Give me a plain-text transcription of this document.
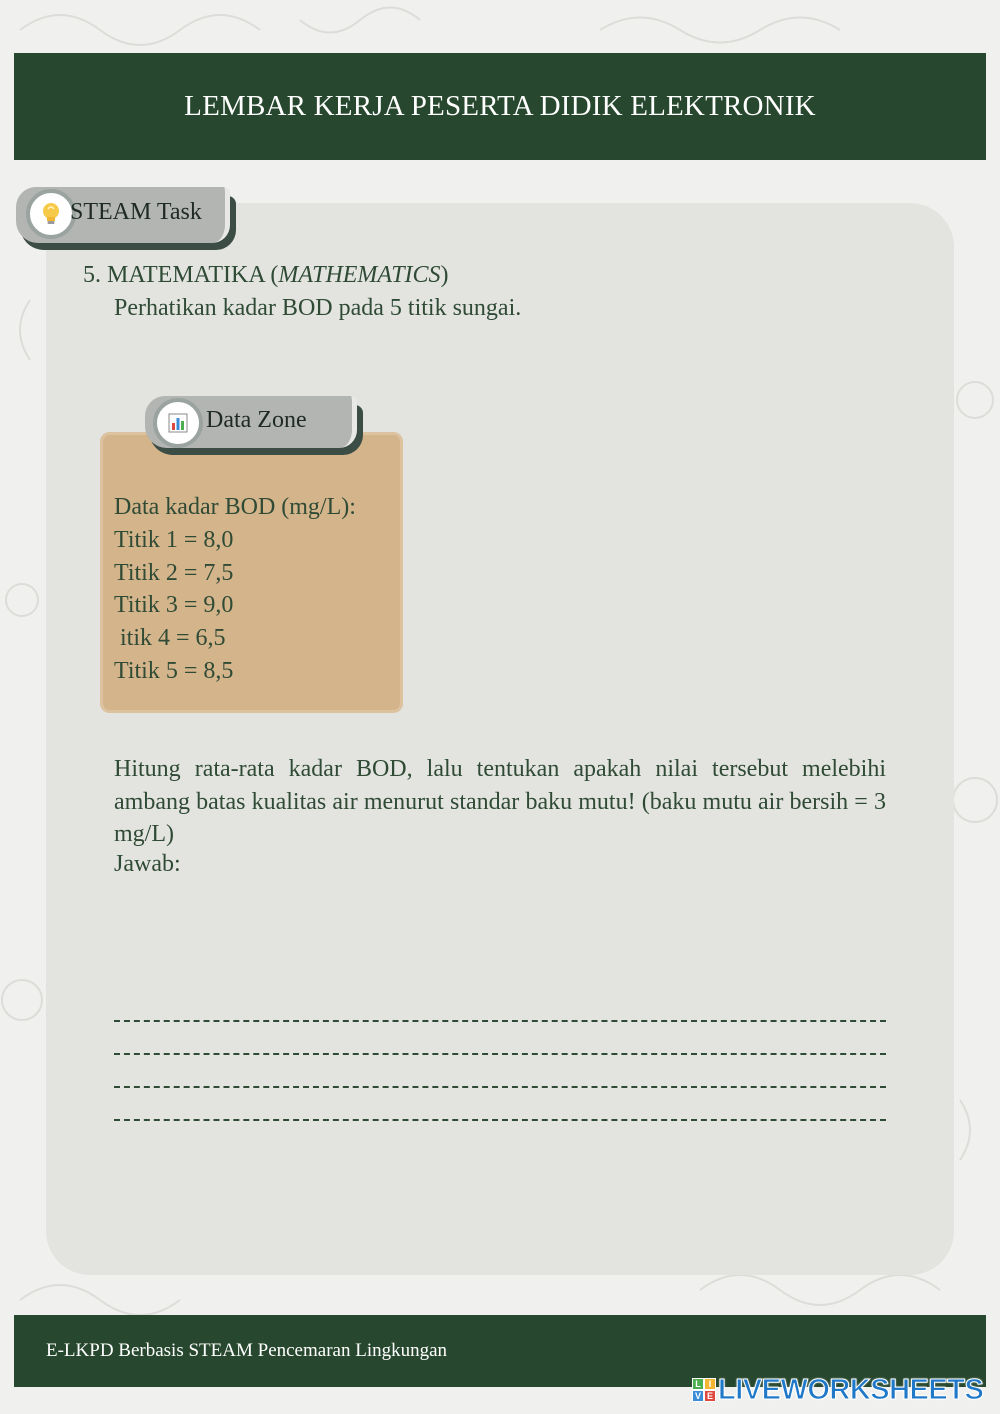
LEMBAR KERJA PESERTA DIDIK ELEKTRONIK
STEAM Task
5. MATEMATIKA (MATHEMATICS)
Perhatikan kadar BOD pada 5 titik sungai.
Data Zone
Data kadar BOD (mg/L):
Titik 1 = 8,0
Titik 2 = 7,5
Titik 3 = 9,0
itik 4 = 6,5
Titik 5 = 8,5
Hitung rata-rata kadar BOD, lalu tentukan apakah nilai tersebut melebihi ambang batas kualitas air menurut standar baku mutu! (baku mutu air bersih = 3 mg/L)
Jawab:
E-LKPD Berbasis STEAM Pencemaran Lingkungan
L I
V E LIVEWORKSHEETS
